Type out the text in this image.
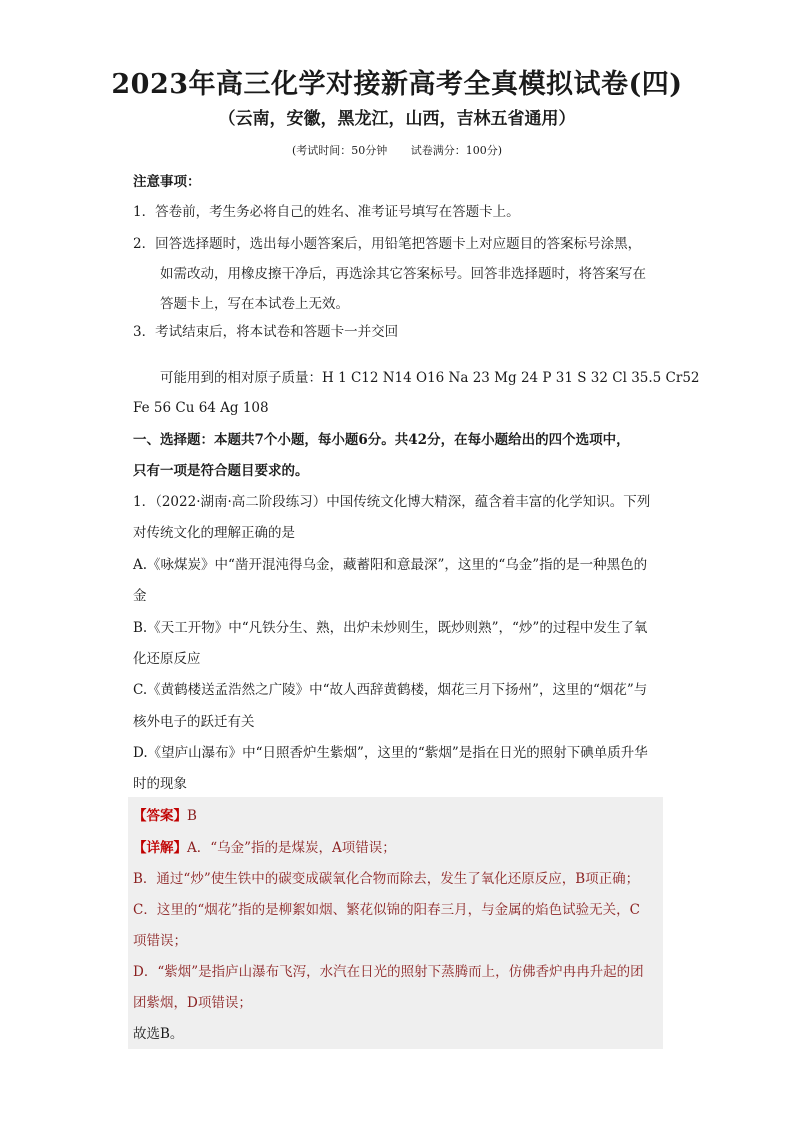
2023年高三化学对接新高考全真模拟试卷(四)
（云南，安徽，黑龙江，山西，吉林五省通用）
(考试时间：50分钟 试卷满分：100分)
注意事项：
1．答卷前，考生务必将自己的姓名、准考证号填写在答题卡上。
2．回答选择题时，选出每小题答案后，用铅笔把答题卡上对应题目的答案标号涂黑，
如需改动，用橡皮擦干净后，再选涂其它答案标号。回答非选择题时，将答案写在
答题卡上，写在本试卷上无效。
3．考试结束后，将本试卷和答题卡一并交回
可能用到的相对原子质量：H 1 C12 N14 O16 Na 23 Mg 24 P 31 S 32 Cl 35.5 Cr52
Fe 56 Cu 64 Ag 108
一、选择题：本题共7个小题，每小题6分。共42分，在每小题给出的四个选项中，
只有一项是符合题目要求的。
1．（2022·湖南·高二阶段练习）中国传统文化博大精深，蕴含着丰富的化学知识。下列
对传统文化的理解正确的是
A.《咏煤炭》中“凿开混沌得乌金，藏蓄阳和意最深”，这里的“乌金”指的是一种黑色的
金
B.《天工开物》中“凡铁分生、熟，出炉未炒则生，既炒则熟”，“炒”的过程中发生了氧
化还原反应
C.《黄鹤楼送孟浩然之广陵》中“故人西辞黄鹤楼，烟花三月下扬州”，这里的“烟花”与
核外电子的跃迁有关
D.《望庐山瀑布》中“日照香炉生紫烟”，这里的“紫烟”是指在日光的照射下碘单质升华
时的现象
【答案】B
【详解】A．“乌金”指的是煤炭，A项错误；
B．通过“炒”使生铁中的碳变成碳氧化合物而除去，发生了氧化还原反应，B项正确；
C．这里的“烟花”指的是柳絮如烟、繁花似锦的阳春三月，与金属的焰色试验无关，C
项错误；
D．“紫烟”是指庐山瀑布飞泻，水汽在日光的照射下蒸腾而上，仿佛香炉冉冉升起的团
团紫烟，D项错误；
故选B。
